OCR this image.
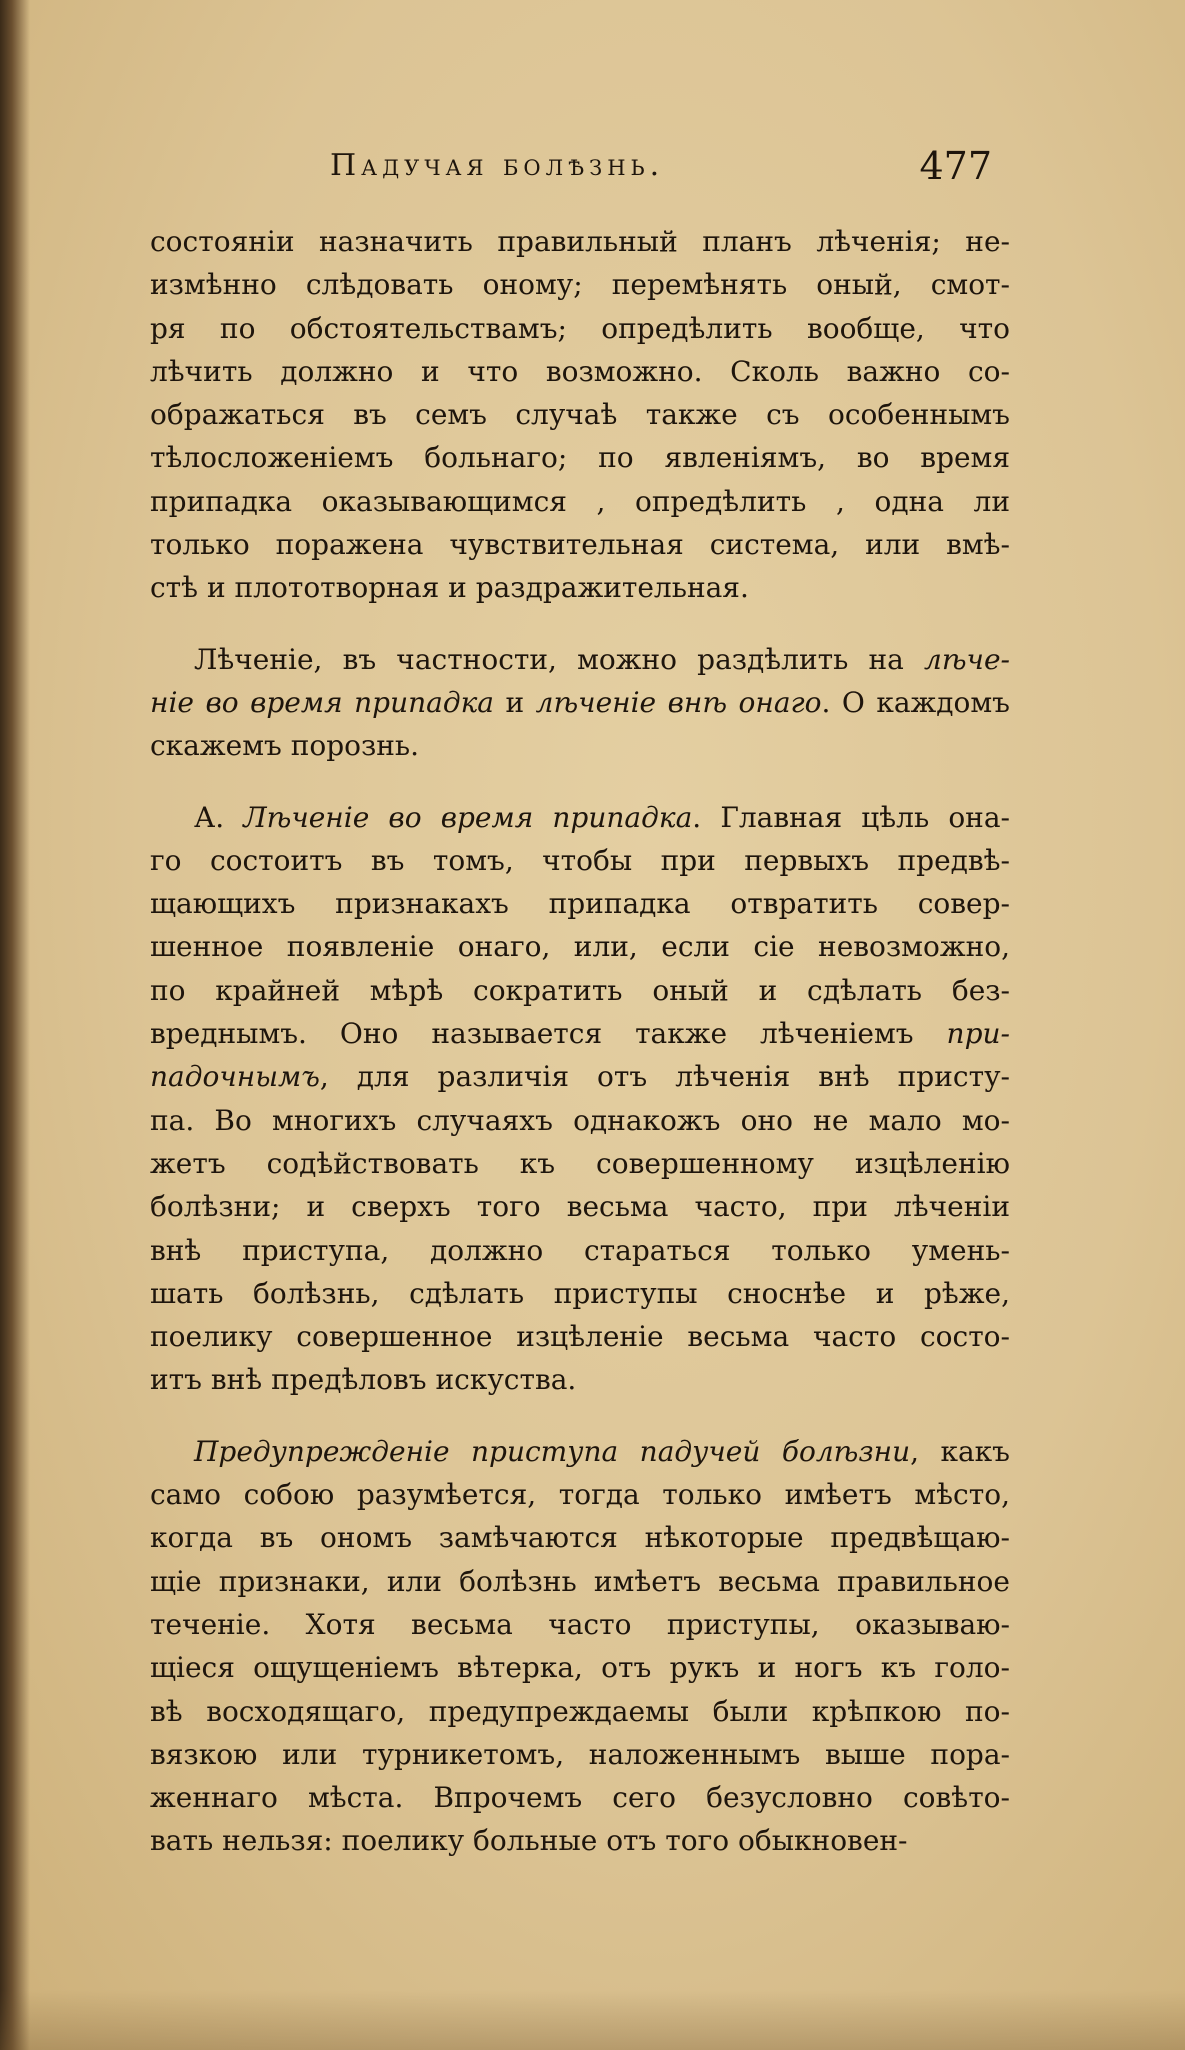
Падучая болѣзнь.	477
состояніи назначить правильный планъ лѣченія; не-
измѣнно слѣдовать оному; перемѣнять оный, смот-
ря по обстоятельствамъ; опредѣлить вообще, что
лѣчить должно и что возможно. Сколь важно со-
ображаться въ семъ случаѣ также съ особеннымъ
тѣлосложеніемъ больнаго; по явленіямъ, во время
припадка оказывающимся , опредѣлить , одна ли
только поражена чувствительная система, или вмѣ-
стѣ и плототворная и раздражительная.
Лѣченіе, въ частности, можно раздѣлить на лѣче-
ніе во время припадка и лѣченіе внѣ онаго. О каждомъ
скажемъ порознь.
А. Лѣченіе во время припадка. Главная цѣль она-
го состоитъ въ томъ, чтобы при первыхъ предвѣ-
щающихъ признакахъ припадка отвратить совер-
шенное появленіе онаго, или, если сіе невозможно,
по крайней мѣрѣ сократить оный и сдѣлать без-
вреднымъ. Оно называется также лѣченіемъ при-
падочнымъ, для различія отъ лѣченія внѣ присту-
па. Во многихъ случаяхъ однакожъ оно не мало мо-
жетъ содѣйствовать къ совершенному изцѣленію
болѣзни; и сверхъ того весьма часто, при лѣченіи
внѣ приступа, должно стараться только умень-
шать болѣзнь, сдѣлать приступы сноснѣе и рѣже,
поелику совершенное изцѣленіе весьма часто состо-
итъ внѣ предѣловъ искуства.
Предупрежденіе приступа падучей болѣзни, какъ
само собою разумѣется, тогда только имѣетъ мѣсто,
когда въ ономъ замѣчаются нѣкоторые предвѣщаю-
щіе признаки, или болѣзнь имѣетъ весьма правильное
теченіе. Хотя весьма часто приступы, оказываю-
щіеся ощущеніемъ вѣтерка, отъ рукъ и ногъ къ голо-
вѣ восходящаго, предупреждаемы были крѣпкою по-
вязкою или турникетомъ, наложеннымъ выше пора-
женнаго мѣста. Впрочемъ сего безусловно совѣто-
вать нельзя: поелику больные отъ того обыкновен-
